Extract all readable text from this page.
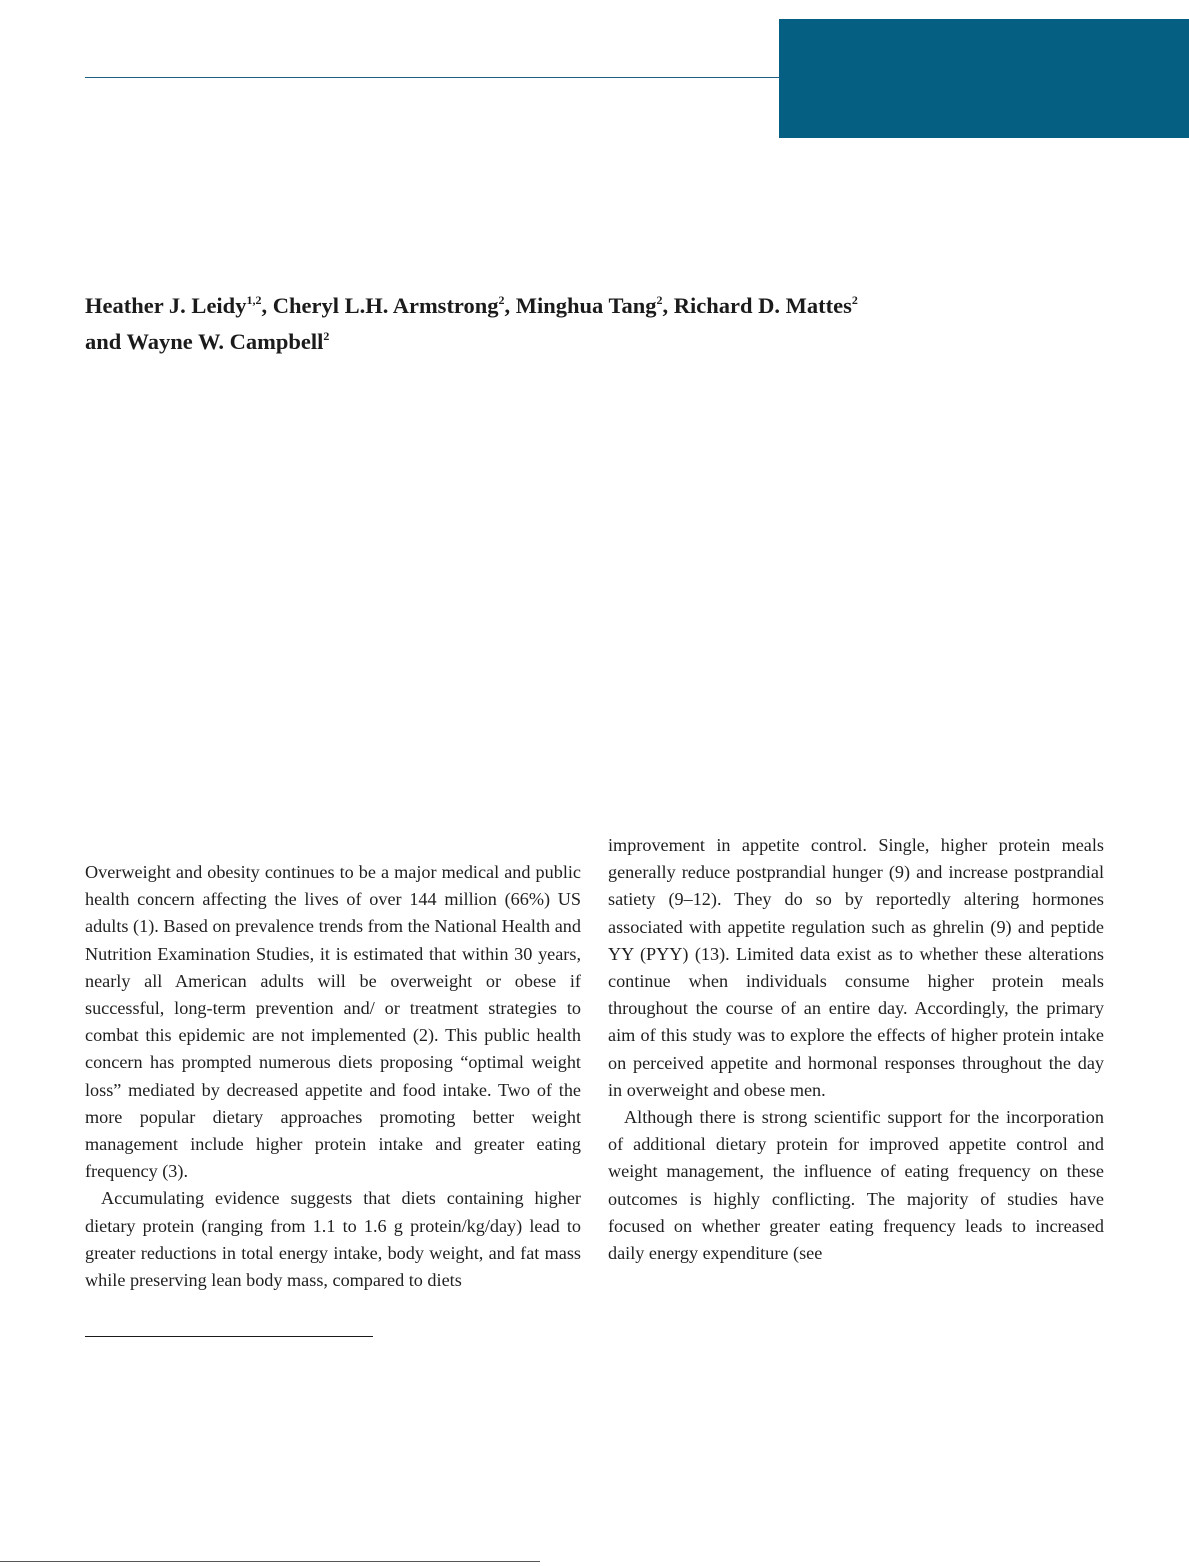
Heather J. Leidy$^{1,2}$, Cheryl L.H. Armstrong$^2$, Minghua Tang$^2$, Richard D. Mattes$^2$
and Wayne W. Campbell$^2$

Overweight and obesity continues to be a major medical and public health concern affecting the lives of over 144 million (66%) US adults (1). Based on prevalence trends from the National Health and Nutrition Examination Studies, it is estimated that within 30 years, nearly all American adults will be overweight or obese if successful, long-term prevention and/ or treatment strategies to combat this epidemic are not implemented (2). This public health concern has prompted numerous diets proposing “optimal weight loss” mediated by decreased appetite and food intake. Two of the more popular dietary approaches promoting better weight management include higher protein intake and greater eating frequency (3).

Accumulating evidence suggests that diets containing higher dietary protein (ranging from 1.1 to 1.6 g protein/kg/day) lead to greater reductions in total energy intake, body weight, and fat mass while preserving lean body mass, compared to diets

improvement in appetite control. Single, higher protein meals generally reduce postprandial hunger (9) and increase postprandial satiety (9–12). They do so by reportedly altering hormones associated with appetite regulation such as ghrelin (9) and peptide YY (PYY) (13). Limited data exist as to whether these alterations continue when individuals consume higher protein meals throughout the course of an entire day. Accordingly, the primary aim of this study was to explore the effects of higher protein intake on perceived appetite and hormonal responses throughout the day in overweight and obese men.

Although there is strong scientific support for the incorporation of additional dietary protein for improved appetite control and weight management, the influence of eating frequency on these outcomes is highly conflicting. The majority of studies have focused on whether greater eating frequency leads to increased daily energy expenditure (see
